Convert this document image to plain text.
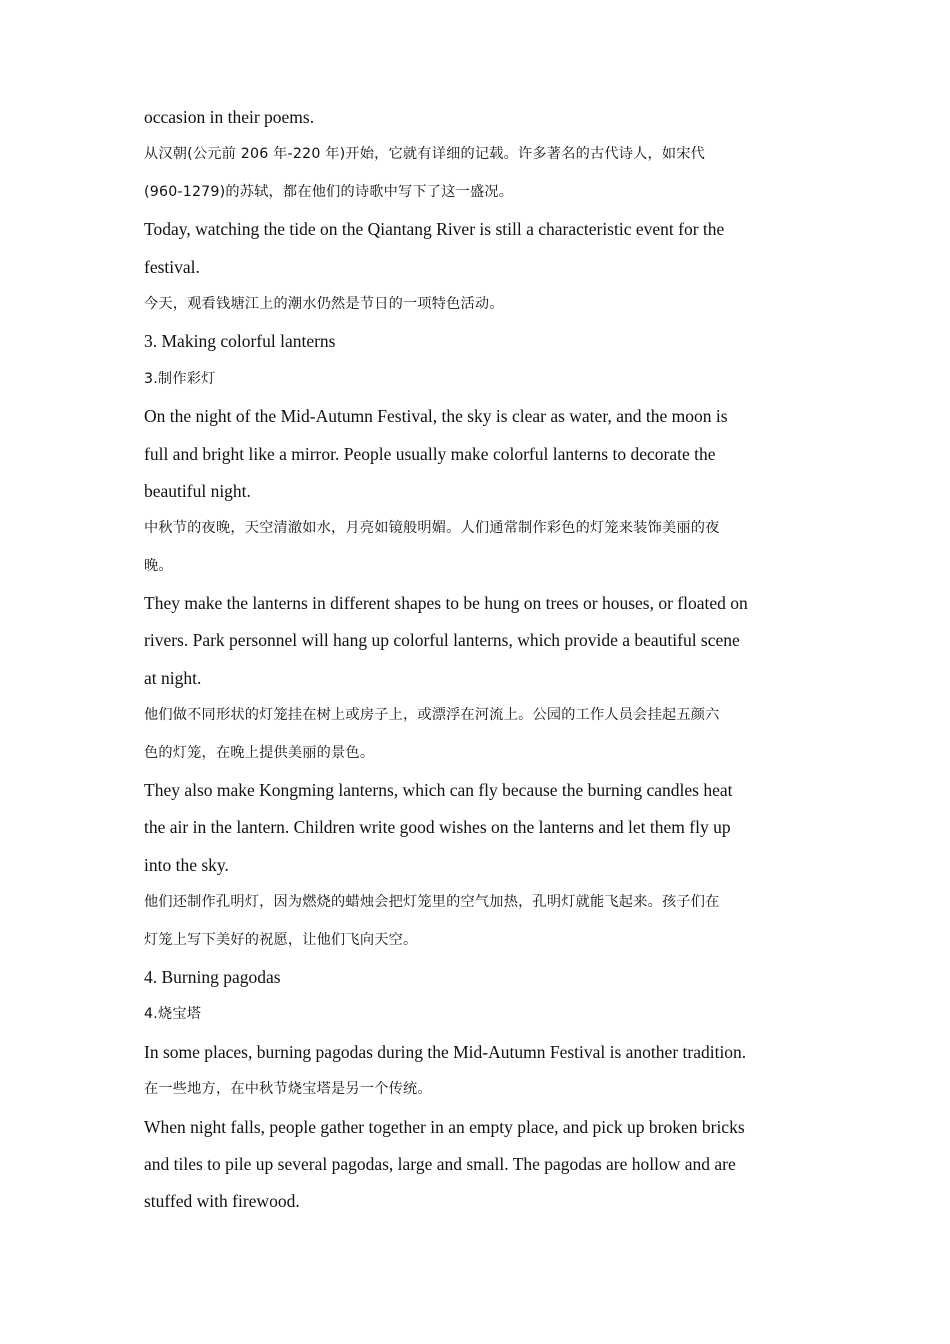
occasion in their poems.
从汉朝(公元前 206 年-220 年)开始，它就有详细的记载。许多著名的古代诗人，如宋代
(960-1279)的苏轼，都在他们的诗歌中写下了这一盛况。
Today, watching the tide on the Qiantang River is still a characteristic event for the
festival.
今天，观看钱塘江上的潮水仍然是节日的一项特色活动。
3. Making colorful lanterns
3.制作彩灯
On the night of the Mid-Autumn Festival, the sky is clear as water, and the moon is
full and bright like a mirror. People usually make colorful lanterns to decorate the
beautiful night.
中秋节的夜晚，天空清澈如水，月亮如镜般明媚。人们通常制作彩色的灯笼来装饰美丽的夜
晚。
They make the lanterns in different shapes to be hung on trees or houses, or floated on
rivers. Park personnel will hang up colorful lanterns, which provide a beautiful scene
at night.
他们做不同形状的灯笼挂在树上或房子上，或漂浮在河流上。公园的工作人员会挂起五颜六
色的灯笼，在晚上提供美丽的景色。
They also make Kongming lanterns, which can fly because the burning candles heat
the air in the lantern. Children write good wishes on the lanterns and let them fly up
into the sky.
他们还制作孔明灯，因为燃烧的蜡烛会把灯笼里的空气加热，孔明灯就能飞起来。孩子们在
灯笼上写下美好的祝愿，让他们飞向天空。
4. Burning pagodas
4.烧宝塔
In some places, burning pagodas during the Mid-Autumn Festival is another tradition.
在一些地方，在中秋节烧宝塔是另一个传统。
When night falls, people gather together in an empty place, and pick up broken bricks
and tiles to pile up several pagodas, large and small. The pagodas are hollow and are
stuffed with firewood.
